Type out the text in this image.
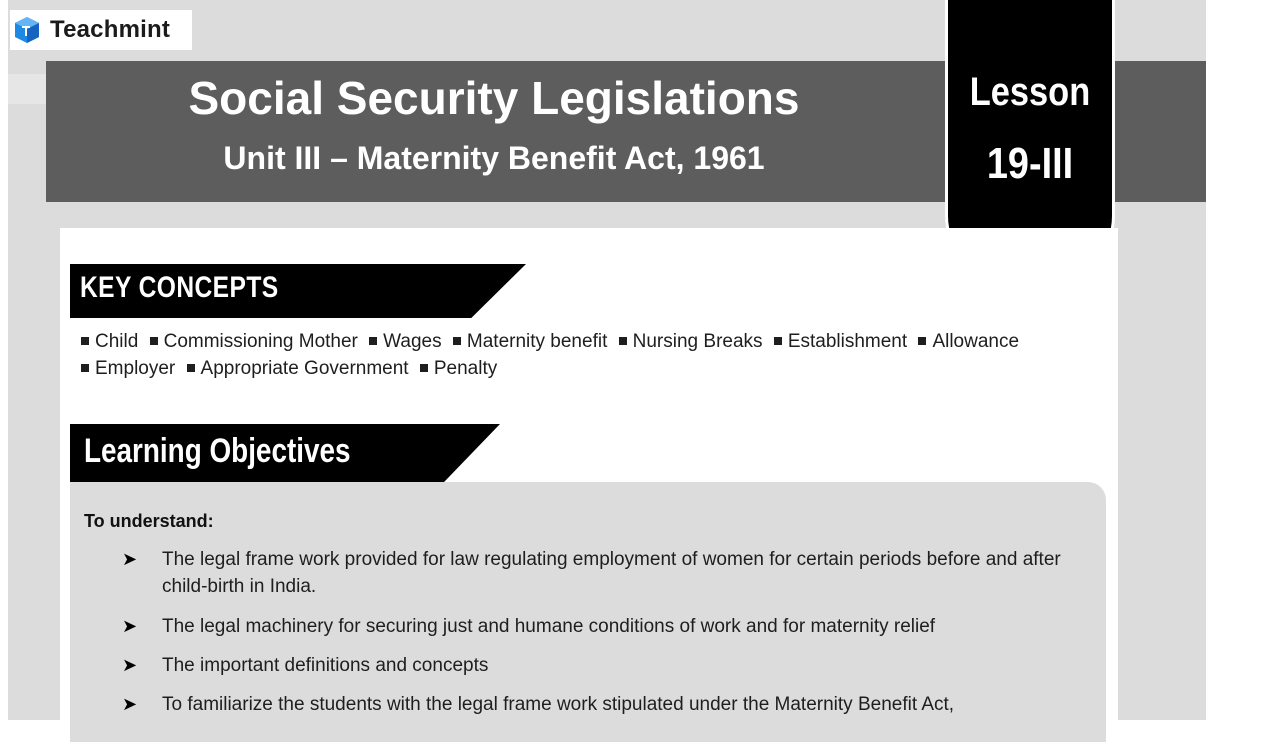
Teachmint
Social Security Legislations
Unit III – Maternity Benefit Act, 1961
Lesson
19-III
KEY CONCEPTS
Child Commissioning Mother Wages Maternity benefit Nursing Breaks Establishment Allowance
Employer Appropriate Government Penalty
Learning Objectives
To understand:
➤ The legal frame work provided for law regulating employment of women for certain periods before and after child-birth in India.
➤ The legal machinery for securing just and humane conditions of work and for maternity relief
➤ The important definitions and concepts
➤ To familiarize the students with the legal frame work stipulated under the Maternity Benefit Act,
